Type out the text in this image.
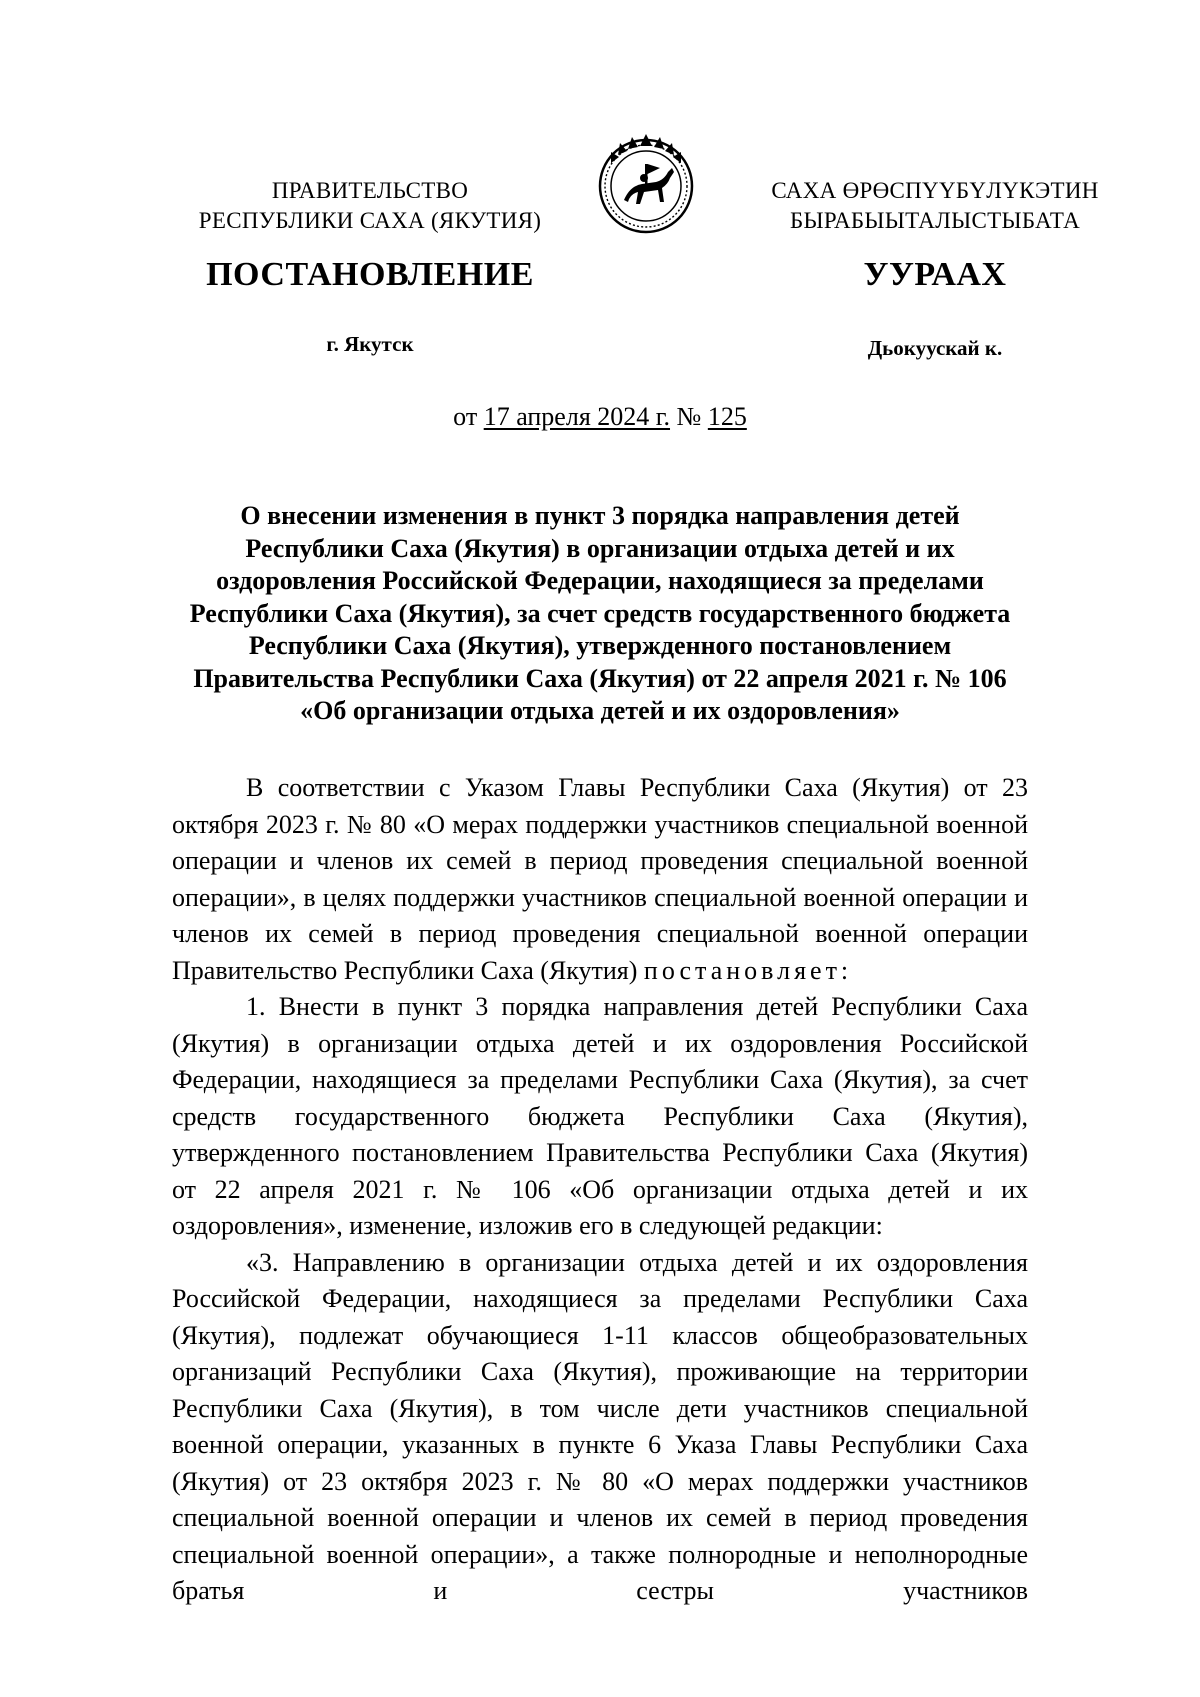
ПРАВИТЕЛЬСТВО
РЕСПУБЛИКИ САХА (ЯКУТИЯ)
САХА ӨРӨСПҮҮБҮЛҮКЭТИН
БЫРАБЫЫТАЛЫСТЫБАТА
ПОСТАНОВЛЕНИЕ	УУРААХ
г. Якутск	Дьокуускай к.
от 17 апреля 2024 г. № 125
О внесении изменения в пункт 3 порядка направления детей
Республики Саха (Якутия) в организации отдыха детей и их
оздоровления Российской Федерации, находящиеся за пределами
Республики Саха (Якутия), за счет средств государственного бюджета
Республики Саха (Якутия), утвержденного постановлением
Правительства Республики Саха (Якутия) от 22 апреля 2021 г. № 106
«Об организации отдыха детей и их оздоровления»

В соответствии с Указом Главы Республики Саха (Якутия) от 23 октября 2023 г. № 80 «О мерах поддержки участников специальной военной операции и членов их семей в период проведения специальной военной операции», в целях поддержки участников специальной военной операции и членов их семей в период проведения специальной военной операции Правительство Республики Саха (Якутия) постановляет:

1. Внести в пункт 3 порядка направления детей Республики Саха (Якутия) в организации отдыха детей и их оздоровления Российской Федерации, находящиеся за пределами Республики Саха (Якутия), за счет средств государственного бюджета Республики Саха (Якутия), утвержденного постановлением Правительства Республики Саха (Якутия) от 22 апреля 2021 г. № 106 «Об организации отдыха детей и их оздоровления», изменение, изложив его в следующей редакции:

«3. Направлению в организации отдыха детей и их оздоровления Российской Федерации, находящиеся за пределами Республики Саха (Якутия), подлежат обучающиеся 1-11 классов общеобразовательных организаций Республики Саха (Якутия), проживающие на территории Республики Саха (Якутия), в том числе дети участников специальной военной операции, указанных в пункте 6 Указа Главы Республики Саха (Якутия) от 23 октября 2023 г. № 80 «О мерах поддержки участников специальной военной операции и членов их семей в период проведения специальной военной операции», а также полнородные и неполнородные братья и сестры участников
